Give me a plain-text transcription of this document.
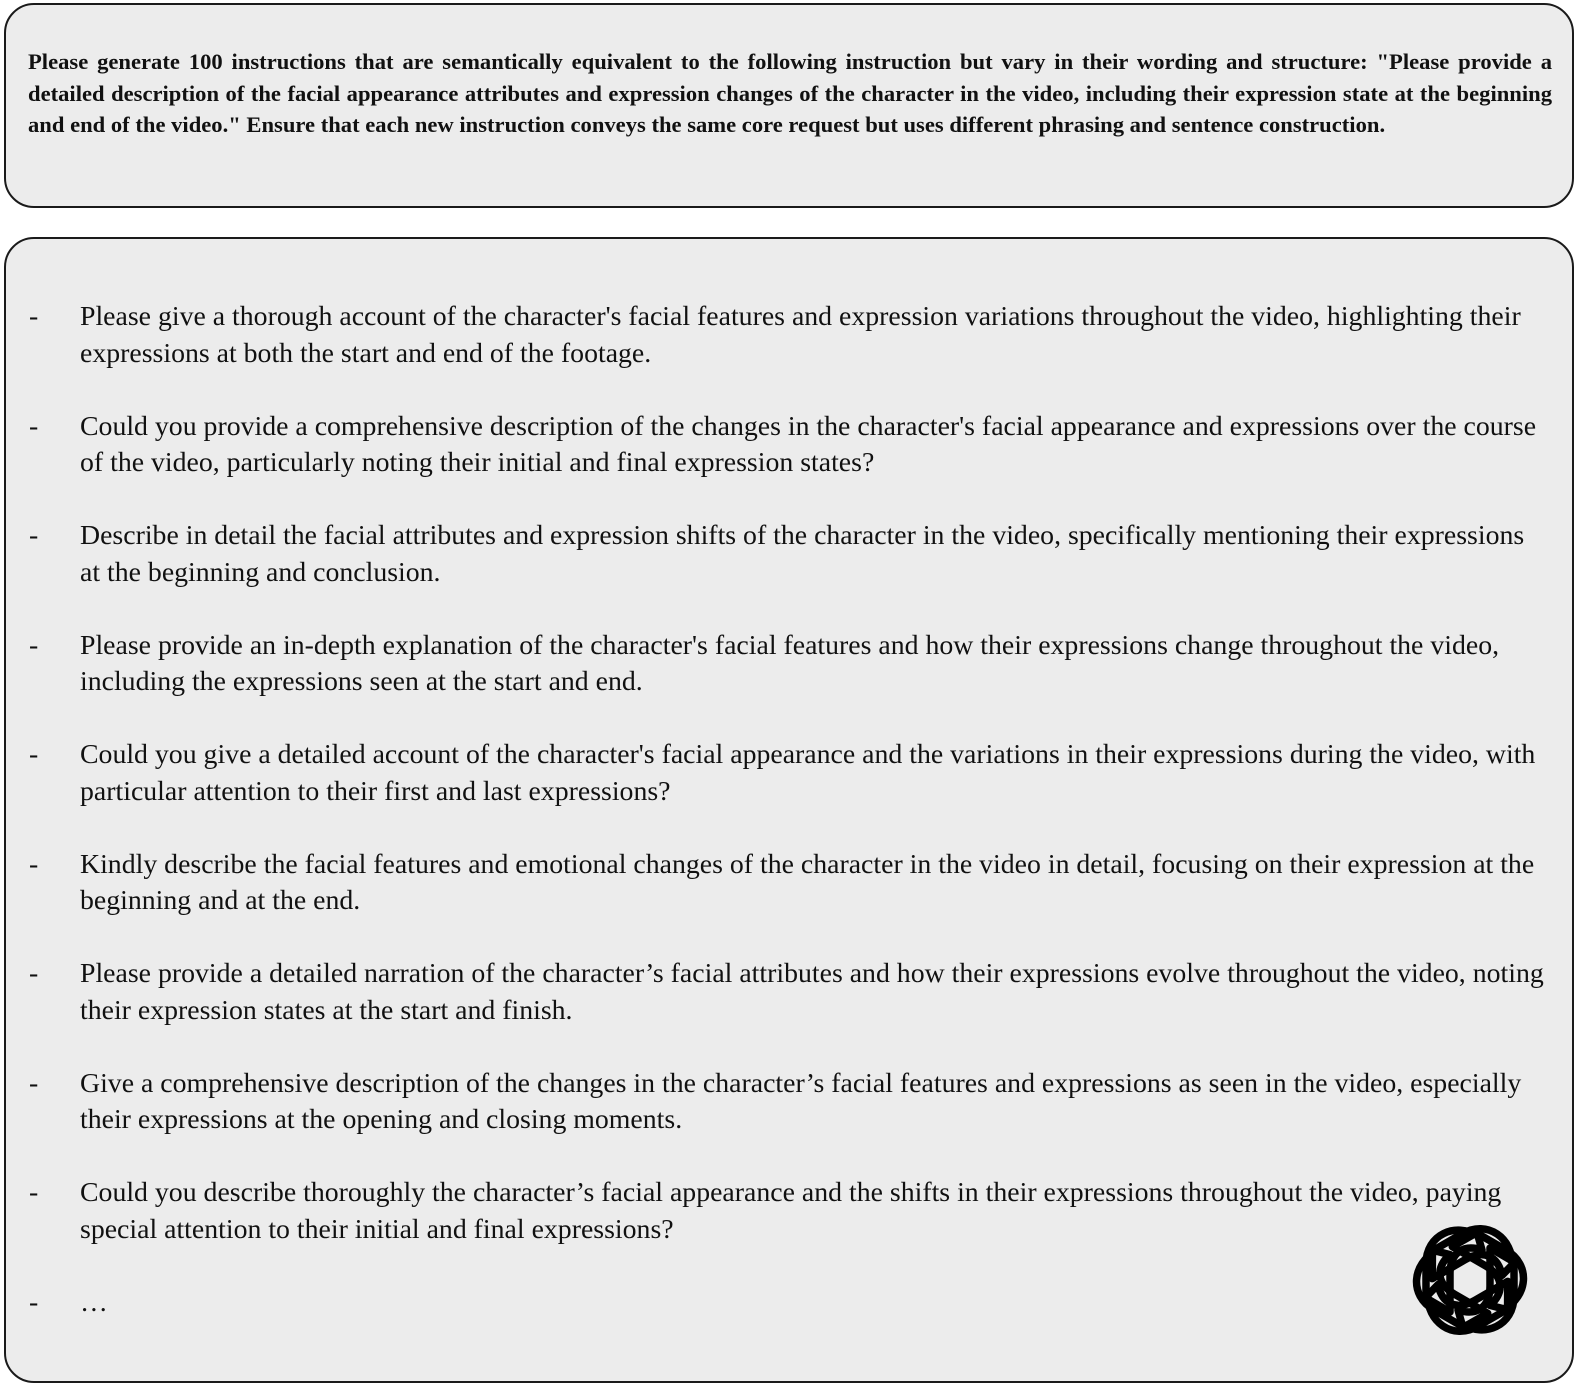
Please generate 100 instructions that are semantically equivalent to the following instruction but vary in their wording and structure: "Please provide a detailed description of the facial appearance attributes and expression changes of the character in the video, including their expression state at the beginning and end of the video." Ensure that each new instruction conveys the same core request but uses different phrasing and sentence construction.

- Please give a thorough account of the character's facial features and expression variations throughout the video, highlighting their expressions at both the start and end of the footage.
- Could you provide a comprehensive description of the changes in the character's facial appearance and expressions over the course of the video, particularly noting their initial and final expression states?
- Describe in detail the facial attributes and expression shifts of the character in the video, specifically mentioning their expressions at the beginning and conclusion.
- Please provide an in-depth explanation of the character's facial features and how their expressions change throughout the video, including the expressions seen at the start and end.
- Could you give a detailed account of the character's facial appearance and the variations in their expressions during the video, with particular attention to their first and last expressions?
- Kindly describe the facial features and emotional changes of the character in the video in detail, focusing on their expression at the beginning and at the end.
- Please provide a detailed narration of the character’s facial attributes and how their expressions evolve throughout the video, noting their expression states at the start and finish.
- Give a comprehensive description of the changes in the character’s facial features and expressions as seen in the video, especially their expressions at the opening and closing moments.
- Could you describe thoroughly the character’s facial appearance and the shifts in their expressions throughout the video, paying special attention to their initial and final expressions?
- …
